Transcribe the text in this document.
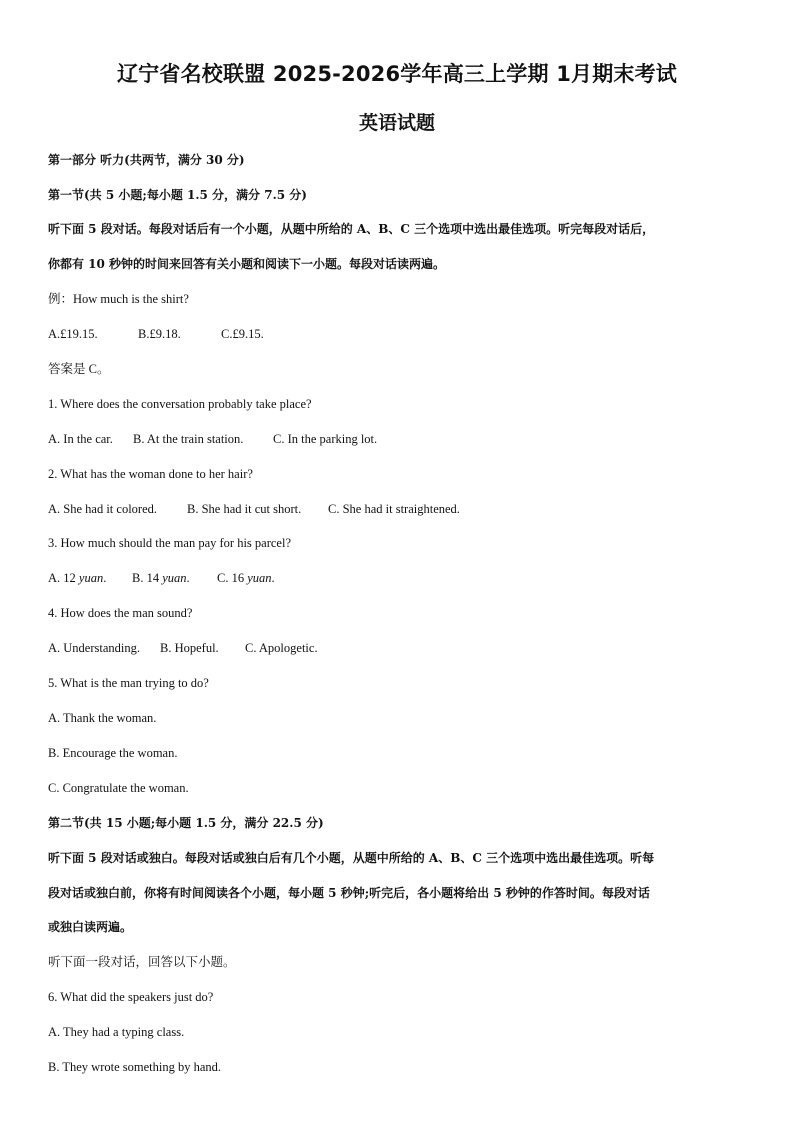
辽宁省名校联盟 2025-2026学年高三上学期 1月期末考试
英语试题
第一部分 听力(共两节，满分 30 分)
第一节(共 5 小题;每小题 1.5 分，满分 7.5 分)
听下面 5 段对话。每段对话后有一个小题，从题中所给的 A、B、C 三个选项中选出最佳选项。听完每段对话后，
你都有 10 秒钟的时间来回答有关小题和阅读下一小题。每段对话读两遍。
例：How much is the shirt?
A.£19.15.	B.£9.18.	C.£9.15.
答案是 C。
1. Where does the conversation probably take place?
A. In the car. B. At the train station. C. In the parking lot.
2. What has the woman done to her hair?
A. She had it colored. B. She had it cut short. C. She had it straightened.
3. How much should the man pay for his parcel?
A. 12 yuan. B. 14 yuan. C. 16 yuan.
4. How does the man sound?
A. Understanding. B. Hopeful. C. Apologetic.
5. What is the man trying to do?
A. Thank the woman.
B. Encourage the woman.
C. Congratulate the woman.
第二节(共 15 小题;每小题 1.5 分，满分 22.5 分)
听下面 5 段对话或独白。每段对话或独白后有几个小题，从题中所给的 A、B、C 三个选项中选出最佳选项。听每
段对话或独白前，你将有时间阅读各个小题，每小题 5 秒钟;听完后，各小题将给出 5 秒钟的作答时间。每段对话
或独白读两遍。
听下面一段对话，回答以下小题。
6. What did the speakers just do?
A. They had a typing class.
B. They wrote something by hand.
